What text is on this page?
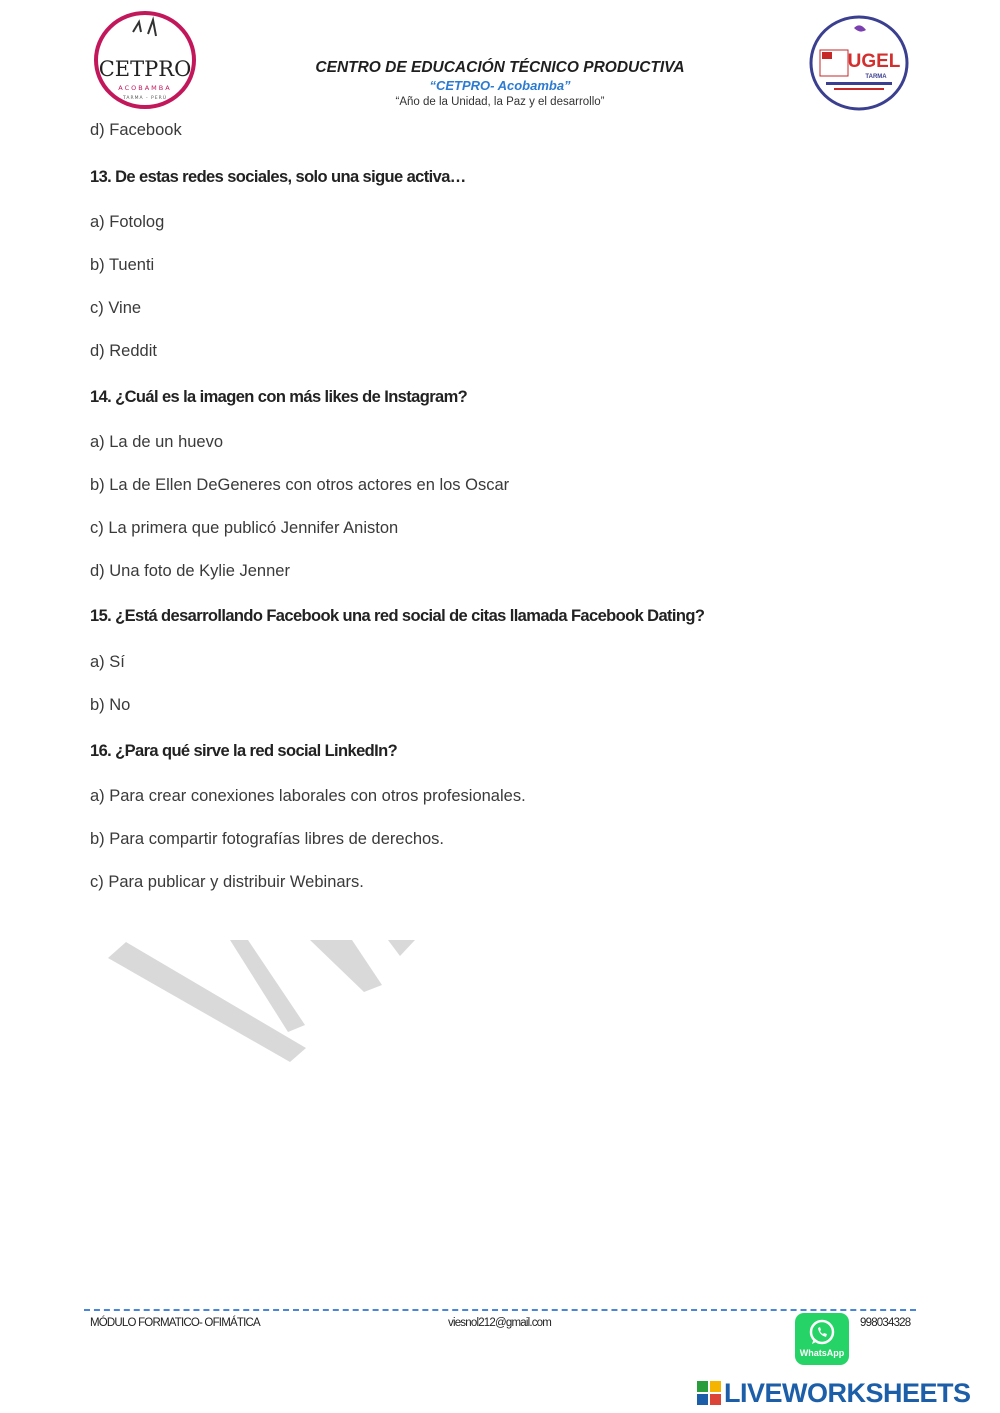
CETPRO
ACOBAMBA
TARMA - PERÚ
CENTRO DE EDUCACIÓN TÉCNICO PRODUCTIVA
“CETPRO- Acobamba”
“Año de la Unidad, la Paz y el desarrollo”
UGEL
TARMA
d) Facebook
13. De estas redes sociales, solo una sigue activa…
a) Fotolog
b) Tuenti
c) Vine
d) Reddit
14. ¿Cuál es la imagen con más likes de Instagram?
a) La de un huevo
b) La de Ellen DeGeneres con otros actores en los Oscar
c) La primera que publicó Jennifer Aniston
d) Una foto de Kylie Jenner
15. ¿Está desarrollando Facebook una red social de citas llamada Facebook Dating?
a) Sí
b) No
16. ¿Para qué sirve la red social LinkedIn?
a) Para crear conexiones laborales con otros profesionales.
b) Para compartir fotografías libres de derechos.
c) Para publicar y distribuir Webinars.
MÓDULO FORMATICO- OFIMÁTICA	viesnol212@gmail.com
WhatsApp
998034328
LIVEWORKSHEETS
